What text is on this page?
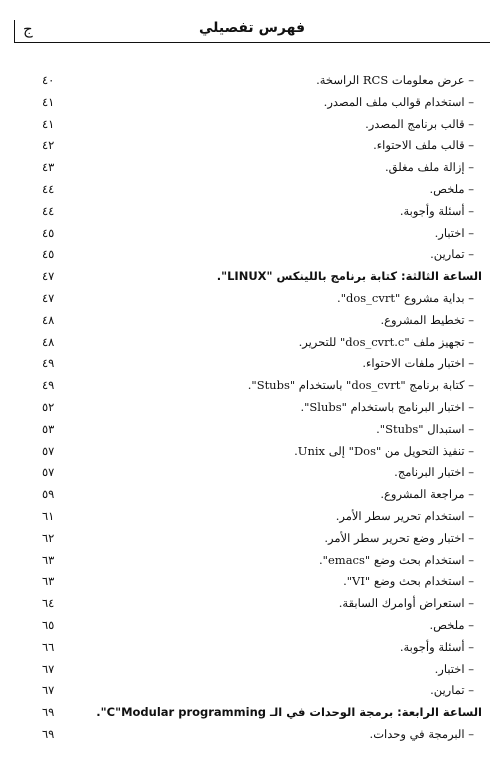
ج	فهرس تفصيلي
– عرض معلومات RCS الراسخة.
٤٠
– استخدام قوالب ملف المصدر.
٤١
– قالب برنامج المصدر.
٤١
– قالب ملف الاحتواء.
٤٢
– إزالة ملف مغلق.
٤٣
– ملخص.
٤٤
– أسئلة وأجوبة.
٤٤
– اختبار.
٤٥
– تمارين.
٤٥
الساعة الثالثة: كتابة برنامج باللينكس "LINUX".
٤٧
– بداية مشروع "dos_cvrt".
٤٧
– تخطيط المشروع.
٤٨
– تجهيز ملف "dos_cvrt.c" للتحرير.
٤٨
– اختبار ملفات الاحتواء.
٤٩
– كتابة برنامج "dos_cvrt" باستخدام "Stubs".
٤٩
– اختبار البرنامج باستخدام "Slubs".
٥٢
– استبدال "Stubs".
٥٣
– تنفيذ التحويل من "Dos" إلى Unix.
٥٧
– اختبار البرنامج.
٥٧
– مراجعة المشروع.
٥٩
– استخدام تحرير سطر الأمر.
٦١
– اختبار وضع تحرير سطر الأمر.
٦٢
– استخدام بحث وضع "emacs".
٦٣
– استخدام بحث وضع "VI".
٦٣
– استعراض أوامرك السابقة.
٦٤
– ملخص.
٦٥
– أسئلة وأجوبة.
٦٦
– اختبار.
٦٧
– تمارين.
٦٧
الساعة الرابعة: برمجة الوحدات في الـ C"Modular programming".
٦٩
– البرمجة في وحدات.
٦٩
